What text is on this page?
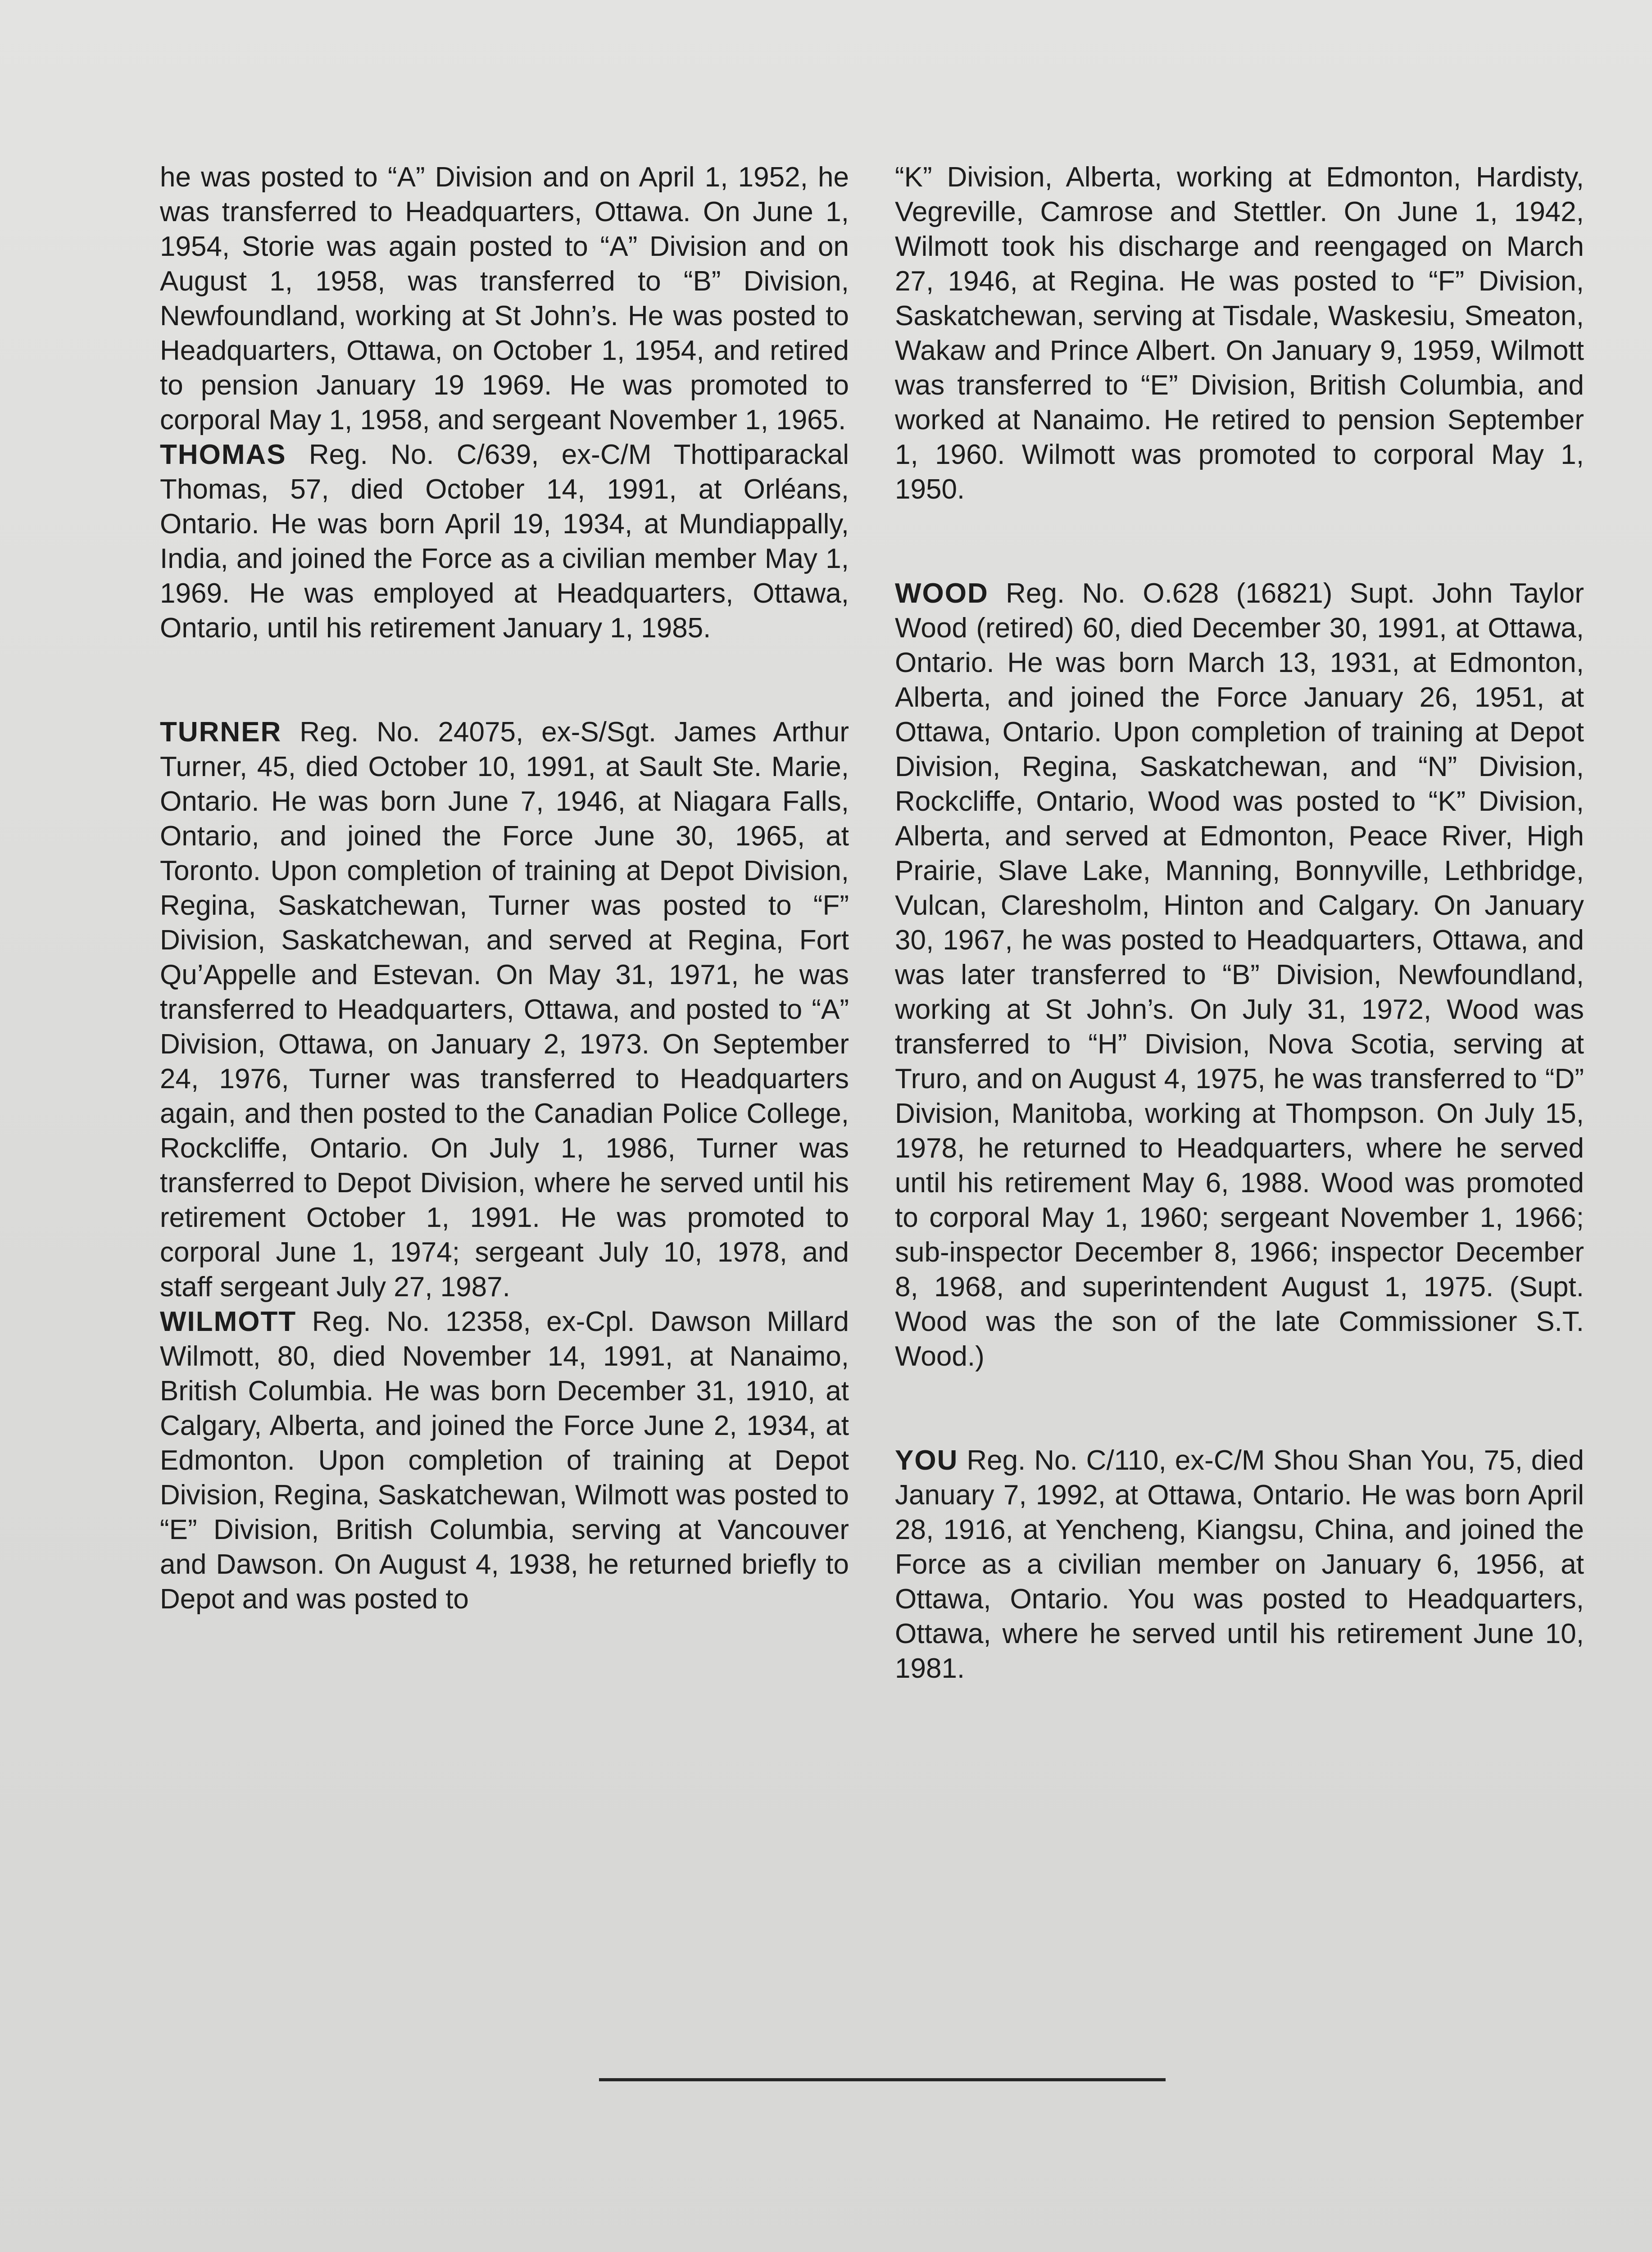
he was posted to “A” Division and on April 1, 1952, he was transferred to Headquarters, Ottawa. On June 1, 1954, Storie was again posted to “A” Division and on August 1, 1958, was transferred to “B” Division, Newfoundland, working at St John’s. He was posted to Headquarters, Ottawa, on October 1, 1954, and retired to pension January 19 1969. He was promoted to corporal May 1, 1958, and sergeant November 1, 1965.

THOMAS Reg. No. C/639, ex-C/M Thottiparackal Thomas, 57, died October 14, 1991, at Orléans, Ontario. He was born April 19, 1934, at Mundiappally, India, and joined the Force as a civilian member May 1, 1969. He was employed at Headquarters, Ottawa, Ontario, until his retirement January 1, 1985.

TURNER Reg. No. 24075, ex-S/Sgt. James Arthur Turner, 45, died October 10, 1991, at Sault Ste. Marie, Ontario. He was born June 7, 1946, at Niagara Falls, Ontario, and joined the Force June 30, 1965, at Toronto. Upon completion of training at Depot Division, Regina, Saskatchewan, Turner was posted to “F” Division, Saskatchewan, and served at Regina, Fort Qu’Appelle and Estevan. On May 31, 1971, he was transferred to Headquarters, Ottawa, and posted to “A” Division, Ottawa, on January 2, 1973. On September 24, 1976, Turner was transferred to Headquarters again, and then posted to the Canadian Police College, Rockcliffe, Ontario. On July 1, 1986, Turner was transferred to Depot Division, where he served until his retirement October 1, 1991. He was promoted to corporal June 1, 1974; sergeant July 10, 1978, and staff sergeant July 27, 1987.

WILMOTT Reg. No. 12358, ex-Cpl. Dawson Millard Wilmott, 80, died November 14, 1991, at Nanaimo, British Columbia. He was born December 31, 1910, at Calgary, Alberta, and joined the Force June 2, 1934, at Edmonton. Upon completion of training at Depot Division, Regina, Saskatchewan, Wilmott was posted to “E” Division, British Columbia, serving at Vancouver and Dawson. On August 4, 1938, he returned briefly to Depot and was posted to

“K” Division, Alberta, working at Edmonton, Hardisty, Vegreville, Camrose and Stettler. On June 1, 1942, Wilmott took his discharge and reengaged on March 27, 1946, at Regina. He was posted to “F” Division, Saskatchewan, serving at Tisdale, Waskesiu, Smeaton, Wakaw and Prince Albert. On January 9, 1959, Wilmott was transferred to “E” Division, British Columbia, and worked at Nanaimo. He retired to pension September 1, 1960. Wilmott was promoted to corporal May 1, 1950.

WOOD Reg. No. O.628 (16821) Supt. John Taylor Wood (retired) 60, died December 30, 1991, at Ottawa, Ontario. He was born March 13, 1931, at Edmonton, Alberta, and joined the Force January 26, 1951, at Ottawa, Ontario. Upon completion of training at Depot Division, Regina, Saskatchewan, and “N” Division, Rockcliffe, Ontario, Wood was posted to “K” Division, Alberta, and served at Edmonton, Peace River, High Prairie, Slave Lake, Manning, Bonnyville, Lethbridge, Vulcan, Claresholm, Hinton and Calgary. On January 30, 1967, he was posted to Headquarters, Ottawa, and was later transferred to “B” Division, Newfoundland, working at St John’s. On July 31, 1972, Wood was transferred to “H” Division, Nova Scotia, serving at Truro, and on August 4, 1975, he was transferred to “D” Division, Manitoba, working at Thompson. On July 15, 1978, he returned to Headquarters, where he served until his retirement May 6, 1988. Wood was promoted to corporal May 1, 1960; sergeant November 1, 1966; sub-inspector December 8, 1966; inspector December 8, 1968, and superintendent August 1, 1975. (Supt. Wood was the son of the late Commissioner S.T. Wood.)

YOU Reg. No. C/110, ex-C/M Shou Shan You, 75, died January 7, 1992, at Ottawa, Ontario. He was born April 28, 1916, at Yencheng, Kiangsu, China, and joined the Force as a civilian member on January 6, 1956, at Ottawa, Ontario. You was posted to Headquarters, Ottawa, where he served until his retirement June 10, 1981.
